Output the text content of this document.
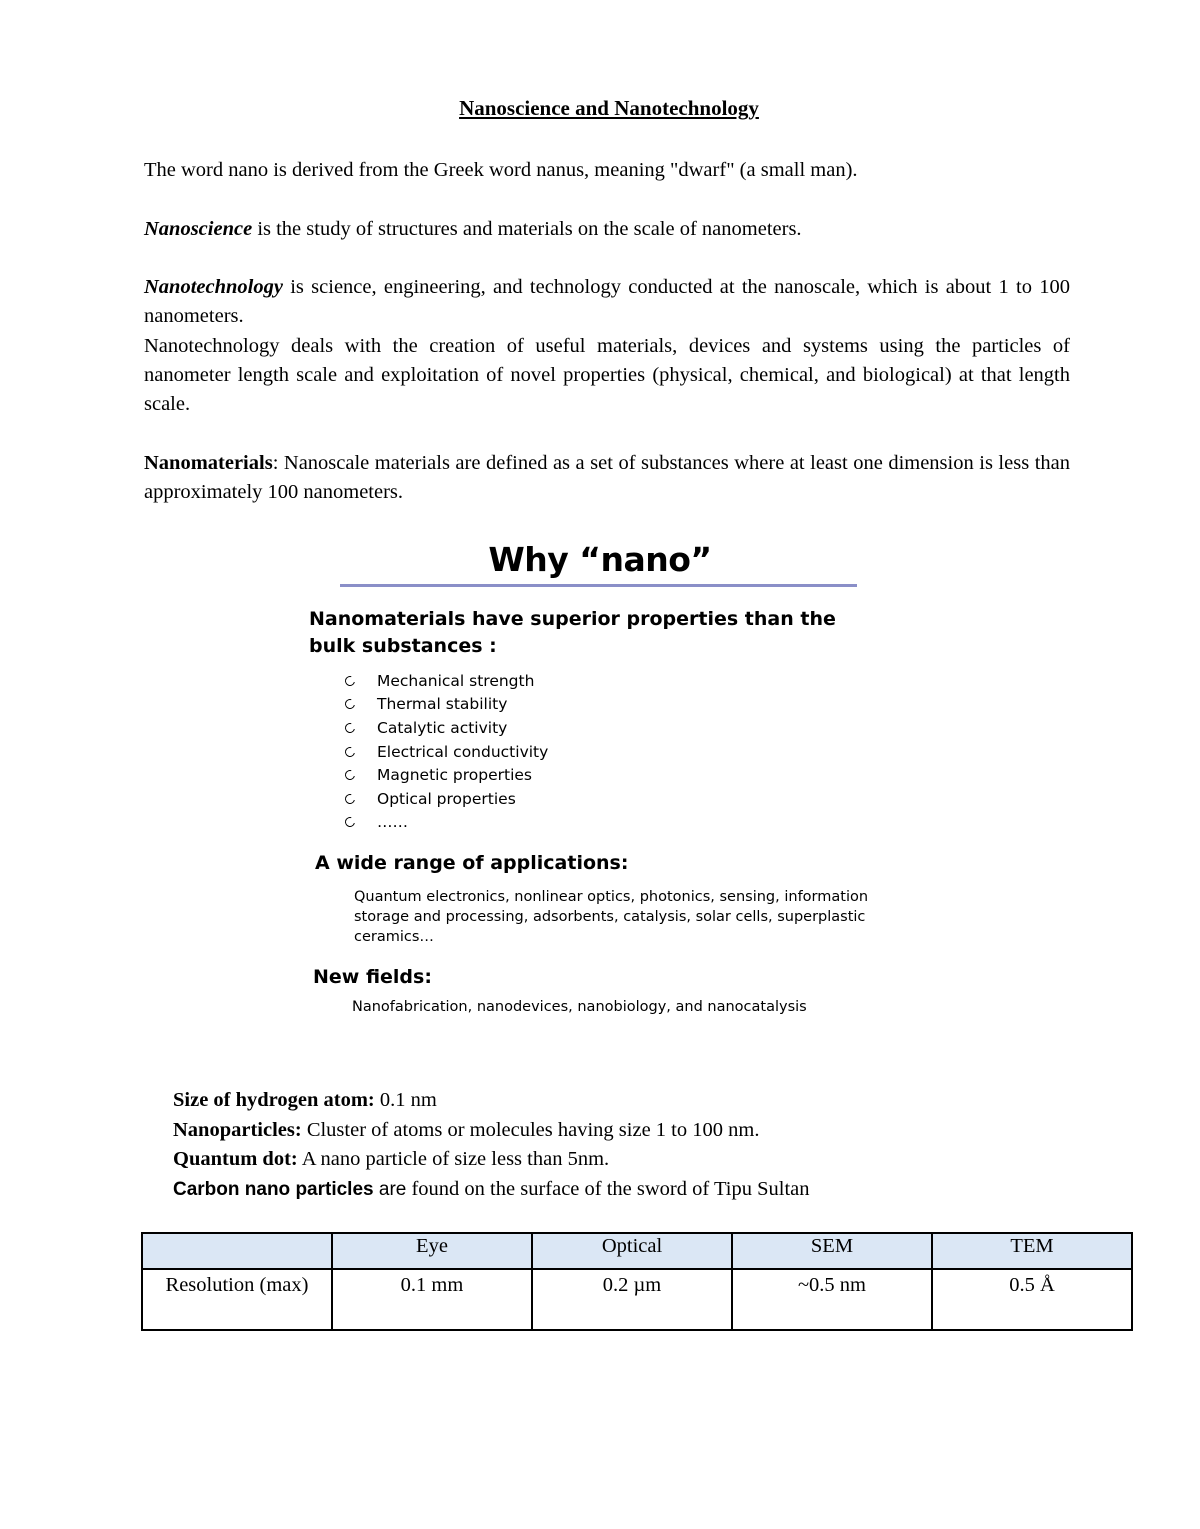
Nanoscience and Nanotechnology

The word nano is derived from the Greek word nanus, meaning "dwarf" (a small man).

Nanoscience is the study of structures and materials on the scale of nanometers.

Nanotechnology is science, engineering, and technology conducted at the nanoscale, which is about 1 to 100 nanometers.
Nanotechnology deals with the creation of useful materials, devices and systems using the particles of nanometer length scale and exploitation of novel properties (physical, chemical, and biological) at that length scale.

Nanomaterials: Nanoscale materials are defined as a set of substances where at least one dimension is less than approximately 100 nanometers.

Why “nano”
Nanomaterials have superior properties than the bulk substances :
Mechanical strength
Thermal stability
Catalytic activity
Electrical conductivity
Magnetic properties
Optical properties
……
A wide range of applications:
Quantum electronics, nonlinear optics, photonics, sensing, information storage and processing, adsorbents, catalysis, solar cells, superplastic ceramics…
New fields:
Nanofabrication, nanodevices, nanobiology, and nanocatalysis
Size of hydrogen atom: 0.1 nm
Nanoparticles: Cluster of atoms or molecules having size 1 to 100 nm.
Quantum dot: A nano particle of size less than 5nm.
Carbon nano particles are found on the surface of the sword of Tipu Sultan
	Eye	Optical	SEM	TEM
Resolution (max)	0.1 mm	0.2 µm	~0.5 nm	0.5 Å
